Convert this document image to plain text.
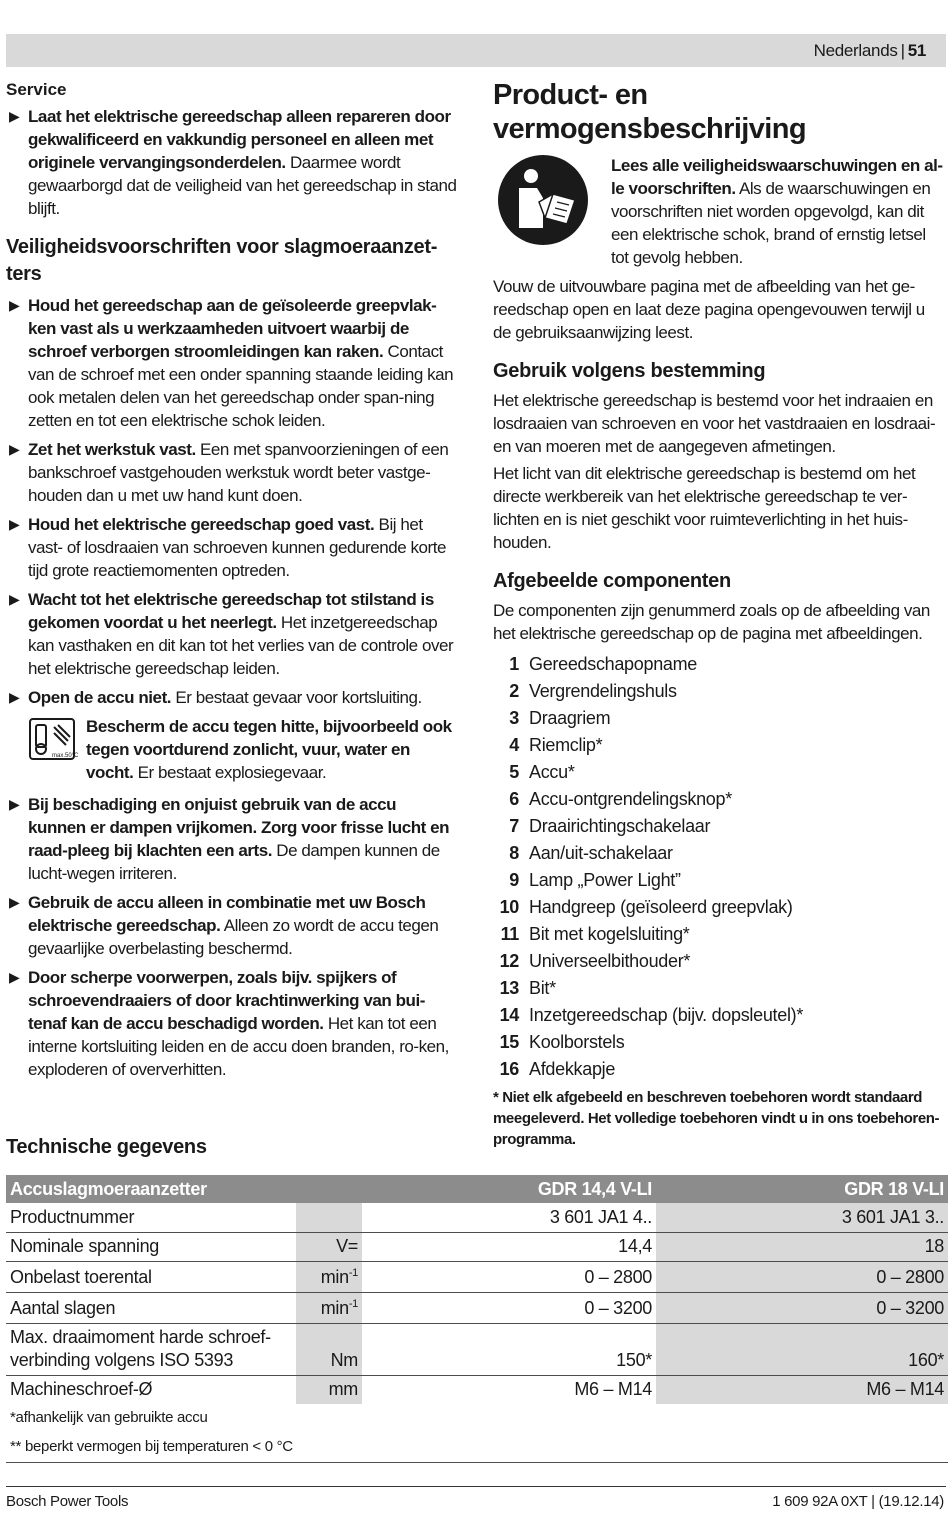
Nederlands | 51
Service
▶ Laat het elektrische gereedschap alleen repareren door gekwalificeerd en vakkundig personeel en alleen met originele vervangingsonderdelen. Daarmee wordt gewaarborgd dat de veiligheid van het gereedschap in stand blijft.
Veiligheidsvoorschriften voor slagmoeraanzet-ters
▶ Houd het gereedschap aan de geïsoleerde greepvlak-ken vast als u werkzaamheden uitvoert waarbij de schroef verborgen stroomleidingen kan raken. Contact van de schroef met een onder spanning staande leiding kan ook metalen delen van het gereedschap onder span-ning zetten en tot een elektrische schok leiden.
▶ Zet het werkstuk vast. Een met spanvoorzieningen of een bankschroef vastgehouden werkstuk wordt beter vastge-houden dan u met uw hand kunt doen.
▶ Houd het elektrische gereedschap goed vast. Bij het vast- of losdraaien van schroeven kunnen gedurende korte tijd grote reactiemomenten optreden.
▶ Wacht tot het elektrische gereedschap tot stilstand is gekomen voordat u het neerlegt. Het inzetgereedschap kan vasthaken en dit kan tot het verlies van de controle over het elektrische gereedschap leiden.
▶ Open de accu niet. Er bestaat gevaar voor kortsluiting.
max.50°C
Bescherm de accu tegen hitte, bijvoorbeeld ook tegen voortdurend zonlicht, vuur, water en vocht. Er bestaat explosiegevaar.
▶ Bij beschadiging en onjuist gebruik van de accu kunnen er dampen vrijkomen. Zorg voor frisse lucht en raad-pleeg bij klachten een arts. De dampen kunnen de lucht-wegen irriteren.
▶ Gebruik de accu alleen in combinatie met uw Bosch elektrische gereedschap. Alleen zo wordt de accu tegen gevaarlijke overbelasting beschermd.
▶ Door scherpe voorwerpen, zoals bijv. spijkers of schroevendraaiers of door krachtinwerking van bui-tenaf kan de accu beschadigd worden. Het kan tot een interne kortsluiting leiden en de accu doen branden, ro-ken, exploderen of oververhitten.
Product- en vermogensbeschrijving
Lees alle veiligheidswaarschuwingen en al-le voorschriften. Als de waarschuwingen en voorschriften niet worden opgevolgd, kan dit een elektrische schok, brand of ernstig letsel tot gevolg hebben.
Vouw de uitvouwbare pagina met de afbeelding van het ge-reedschap open en laat deze pagina opengevouwen terwijl u de gebruiksaanwijzing leest.
Gebruik volgens bestemming
Het elektrische gereedschap is bestemd voor het indraaien en losdraaien van schroeven en voor het vastdraaien en losdraai-en van moeren met de aangegeven afmetingen.
Het licht van dit elektrische gereedschap is bestemd om het directe werkbereik van het elektrische gereedschap te ver-lichten en is niet geschikt voor ruimteverlichting in het huis-houden.
Afgebeelde componenten
De componenten zijn genummerd zoals op de afbeelding van het elektrische gereedschap op de pagina met afbeeldingen.
1 Gereedschapopname
2 Vergrendelingshuls
3 Draagriem
4 Riemclip*
5 Accu*
6 Accu-ontgrendelingsknop*
7 Draairichtingschakelaar
8 Aan/uit-schakelaar
9 Lamp „Power Light”
10 Handgreep (geïsoleerd greepvlak)
11 Bit met kogelsluiting*
12 Universeelbithouder*
13 Bit*
14 Inzetgereedschap (bijv. dopsleutel)*
15 Koolborstels
16 Afdekkapje
* Niet elk afgebeeld en beschreven toebehoren wordt standaard meegeleverd. Het volledige toebehoren vindt u in ons toebehoren-programma.
Technische gegevens
Accuslagmoeraanzetter		GDR 14,4 V-LI	GDR 18 V-LI
Productnummer			3 601 JA1 4..	3 601 JA1 3..
Nominale spanning	V=		14,4	18
Onbelast toerental	$\min^{-1}$		0 – 2800	0 – 2800
Aantal slagen	$\min^{-1}$		0 – 3200	0 – 3200
Max. draaimoment harde schroef-verbinding volgens ISO 5393	Nm		150*	160*
Machineschroef-Ø	mm		M6 – M14	M6 – M14
*afhankelijk van gebruikte accu			
** beperkt vermogen bij temperaturen < 0 °C			
Bosch Power Tools	1 609 92A 0XT | (19.12.14)
